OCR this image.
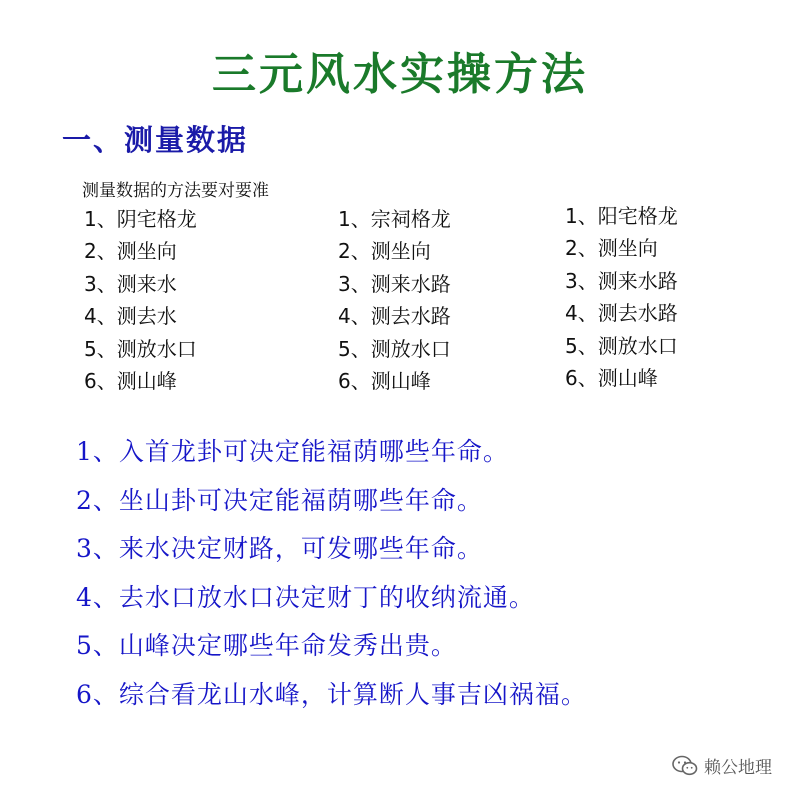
三元风水实操方法
一、测量数据
测量数据的方法要对要准
1、阴宅格龙
2、测坐向
3、测来水
4、测去水
5、测放水口
6、测山峰
1、宗祠格龙
2、测坐向
3、测来水路
4、测去水路
5、测放水口
6、测山峰
1、阳宅格龙
2、测坐向
3、测来水路
4、测去水路
5、测放水口
6、测山峰
1、入首龙卦可决定能福荫哪些年命。
2、坐山卦可决定能福荫哪些年命。
3、来水决定财路，可发哪些年命。
4、去水口放水口决定财丁的收纳流通。
5、山峰决定哪些年命发秀出贵。
6、综合看龙山水峰，计算断人事吉凶祸福。
赖公地理
